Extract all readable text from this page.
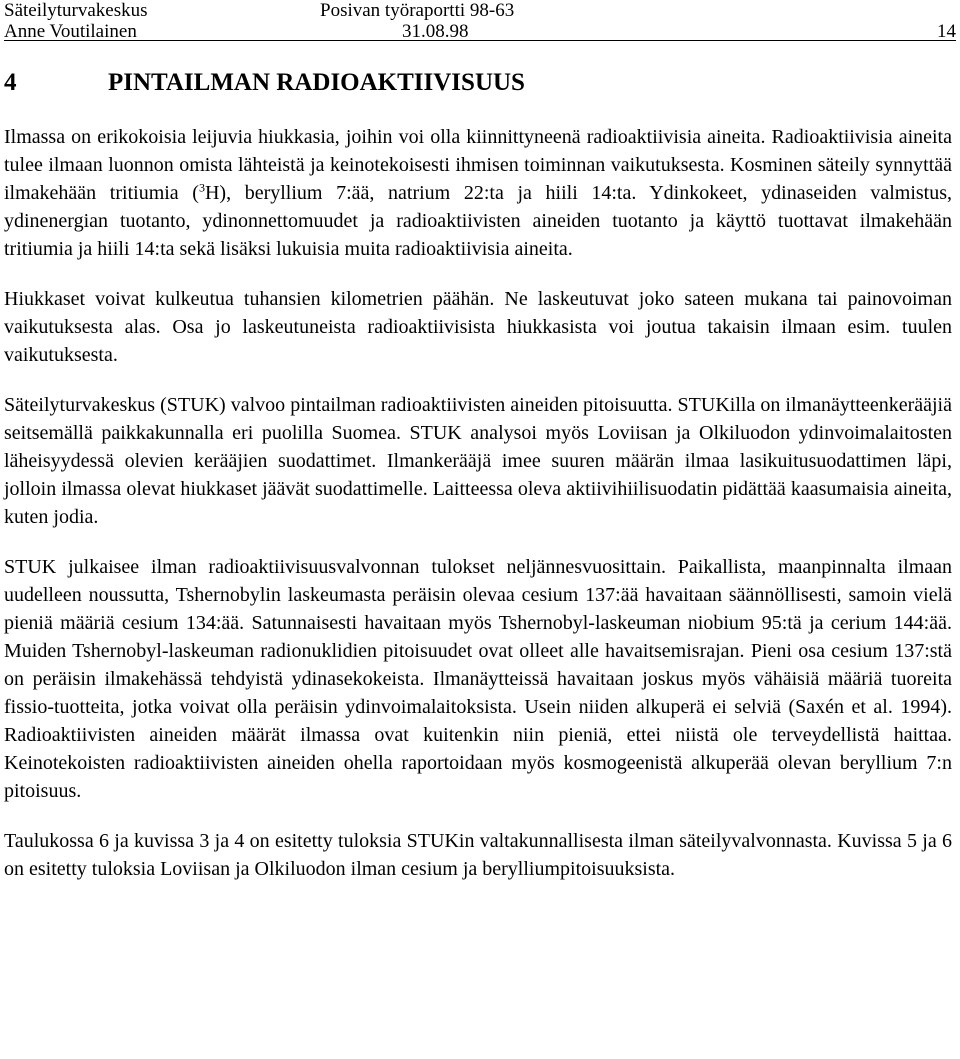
Säteilyturvakeskus
Anne Voutilainen
Posivan työraportti 98-63
31.08.98	14
4	PINTAILMAN RADIOAKTIIVISUUS

Ilmassa on erikokoisia leijuvia hiukkasia, joihin voi olla kiinnittyneenä radioaktiivisia aineita. Radioaktiivisia aineita tulee ilmaan luonnon omista lähteistä ja keinotekoisesti ihmisen toiminnan vaikutuksesta. Kosminen säteily synnyttää ilmakehään tritiumia ($^3$H), beryllium 7:ää, natrium 22:ta ja hiili 14:ta. Ydinkokeet, ydinaseiden valmistus, ydinenergian tuotanto, ydinonnettomuudet ja radioaktiivisten aineiden tuotanto ja käyttö tuottavat ilmakehään tritiumia ja hiili 14:ta sekä lisäksi lukuisia muita radioaktiivisia aineita.

Hiukkaset voivat kulkeutua tuhansien kilometrien päähän. Ne laskeutuvat joko sateen mukana tai painovoiman vaikutuksesta alas. Osa jo laskeutuneista radioaktiivisista hiukkasista voi joutua takaisin ilmaan esim. tuulen vaikutuksesta.

Säteilyturvakeskus (STUK) valvoo pintailman radioaktiivisten aineiden pitoisuutta. STUKilla on ilmanäytteenkerääjiä seitsemällä paikkakunnalla eri puolilla Suomea. STUK analysoi myös Loviisan ja Olkiluodon ydinvoimalaitosten läheisyydessä olevien kerääjien suodattimet. Ilmankerääjä imee suuren määrän ilmaa lasikuitusuodattimen läpi, jolloin ilmassa olevat hiukkaset jäävät suodattimelle. Laitteessa oleva aktiivihiilisuodatin pidättää kaasumaisia aineita, kuten jodia.

STUK julkaisee ilman radioaktiivisuusvalvonnan tulokset neljännesvuosittain. Paikallista, maanpinnalta ilmaan uudelleen noussutta, Tshernobylin laskeumasta peräisin olevaa cesium 137:ää havaitaan säännöllisesti, samoin vielä pieniä määriä cesium 134:ää. Satunnaisesti havaitaan myös Tshernobyl-laskeuman niobium 95:tä ja cerium 144:ää. Muiden Tshernobyl-laskeuman radionuklidien pitoisuudet ovat olleet alle havaitsemisrajan. Pieni osa cesium 137:stä on peräisin ilmakehässä tehdyistä ydinasekokeista. Ilmanäytteissä havaitaan joskus myös vähäisiä määriä tuoreita fissio-tuotteita, jotka voivat olla peräisin ydinvoimalaitoksista. Usein niiden alkuperä ei selviä (Saxén et al. 1994). Radioaktiivisten aineiden määrät ilmassa ovat kuitenkin niin pieniä, ettei niistä ole terveydellistä haittaa. Keinotekoisten radioaktiivisten aineiden ohella raportoidaan myös kosmogeenistä alkuperää olevan beryllium 7:n pitoisuus.

Taulukossa 6 ja kuvissa 3 ja 4 on esitetty tuloksia STUKin valtakunnallisesta ilman säteilyvalvonnasta. Kuvissa 5 ja 6 on esitetty tuloksia Loviisan ja Olkiluodon ilman cesium ja berylliumpitoisuuksista.
